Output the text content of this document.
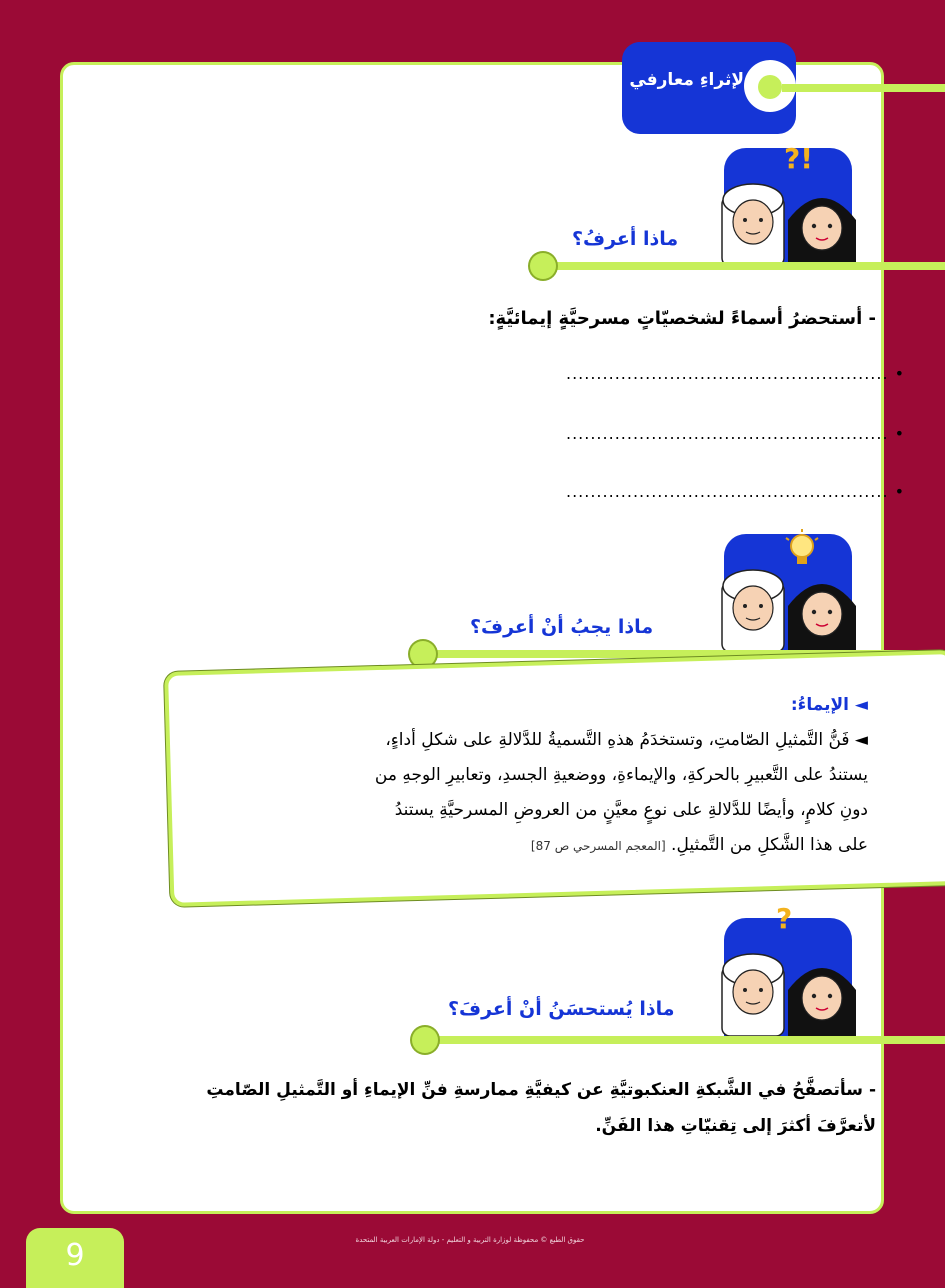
لإثراءِ معارفي
?!
ماذا أعرفُ؟
- أستحضرُ أسماءً لشخصيّاتٍ مسرحيَّةٍ إيمائيَّةٍ:
..................................................... •
..................................................... •
..................................................... •
ماذا يجبُ أنْ أعرفَ؟
◄ الإيماءُ:
◄ فَنُّ التَّمثيلِ الصّامتِ، وتستخدَمُ هذهِ التَّسميةُ للدَّلالةِ على شكلِ أداءٍ،
يستندُ على التَّعبيرِ بالحركةِ، والإيماءةِ، ووضعيةِ الجسدِ، وتعابيرِ الوجهِ من
دونِ كلامٍ، وأيضًا للدَّلالةِ على نوعٍ معيَّنٍ من العروضِ المسرحيَّةِ يستندُ
على هذا الشَّكلِ من التَّمثيلِ. [المعجم المسرحي ص 87]
?
ماذا يُستحسَنُ أنْ أعرفَ؟
- سأتصفَّحُ في الشَّبكةِ العنكبوتيَّةِ عن كيفيَّةِ ممارسةِ فنِّ الإيماءِ أو التَّمثيلِ الصّامتِ
لأتعرَّفَ أكثرَ إلى تِقنيّاتِ هذا الفَنِّ.
9	حقوق الطبع © محفوظة لوزارة التربية و التعليم - دولة الإمارات العربية المتحدة
